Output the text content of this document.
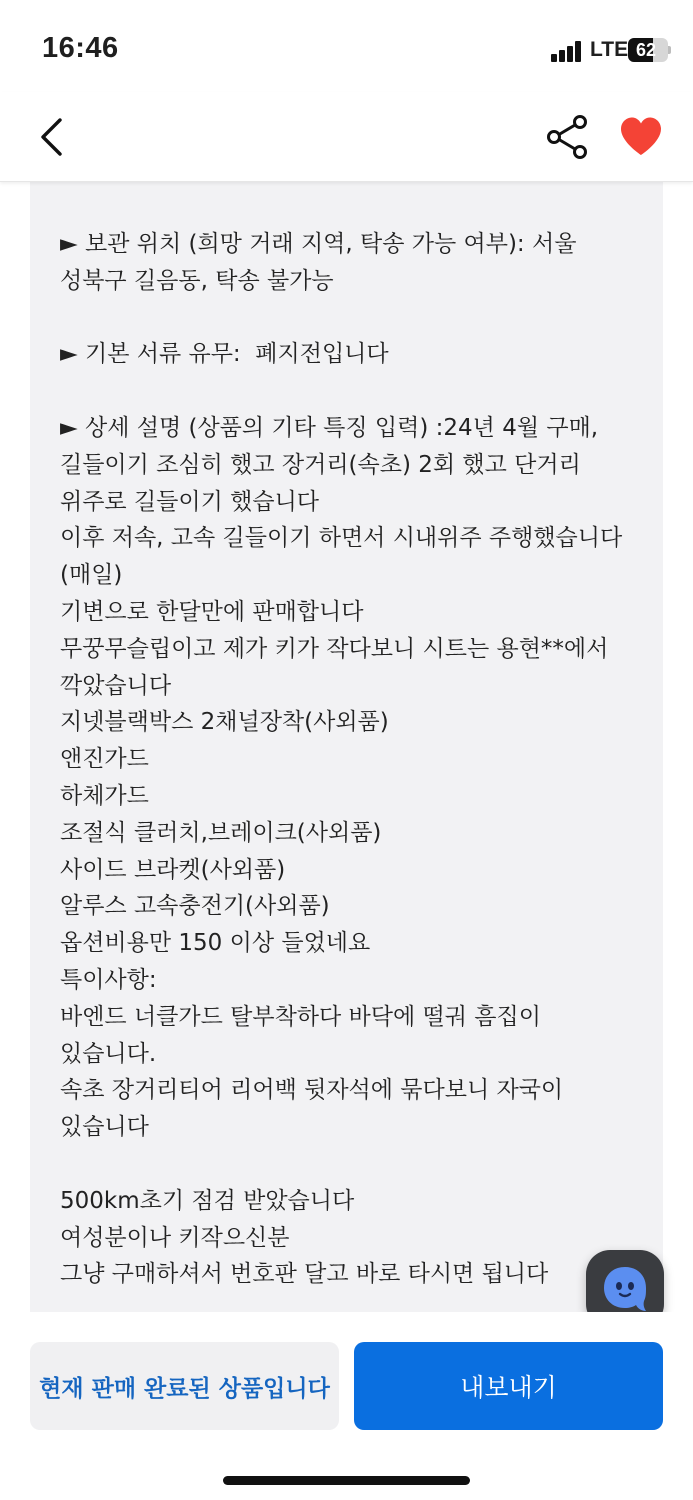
16:46	LTE 62
► 보관 위치 (희망 거래 지역, 탁송 가능 여부): 서울 성북구 길음동, 탁송 불가능

► 기본 서류 유무:  폐지전입니다

► 상세 설명 (상품의 기타 특징 입력) :24년 4월 구매, 길들이기 조심히 했고 장거리(속초) 2회 했고 단거리 위주로 길들이기 했습니다
이후 저속, 고속 길들이기 하면서 시내위주 주행했습니다(매일)
기변으로 한달만에 판매합니다
무꿍무슬립이고 제가 키가 작다보니 시트는 용현**에서 깍았습니다
지넷블랙박스 2채널장착(사외품)
앤진가드
하체가드
조절식 클러치,브레이크(사외품)
사이드 브라켓(사외품)
알루스 고속충전기(사외품)
옵션비용만 150 이상 들었네요
특이사항:
바엔드 너클가드 탈부착하다 바닥에 떨궈 흠집이 있습니다.
속초 장거리티어 리어백 뒷자석에 묶다보니 자국이 있습니다

500km초기 점검 받았습니다
여성분이나 키작으신분
그냥 구매하셔서 번호판 달고 바로 타시면 됩니다
현재 판매 완료된 상품입니다	내보내기
